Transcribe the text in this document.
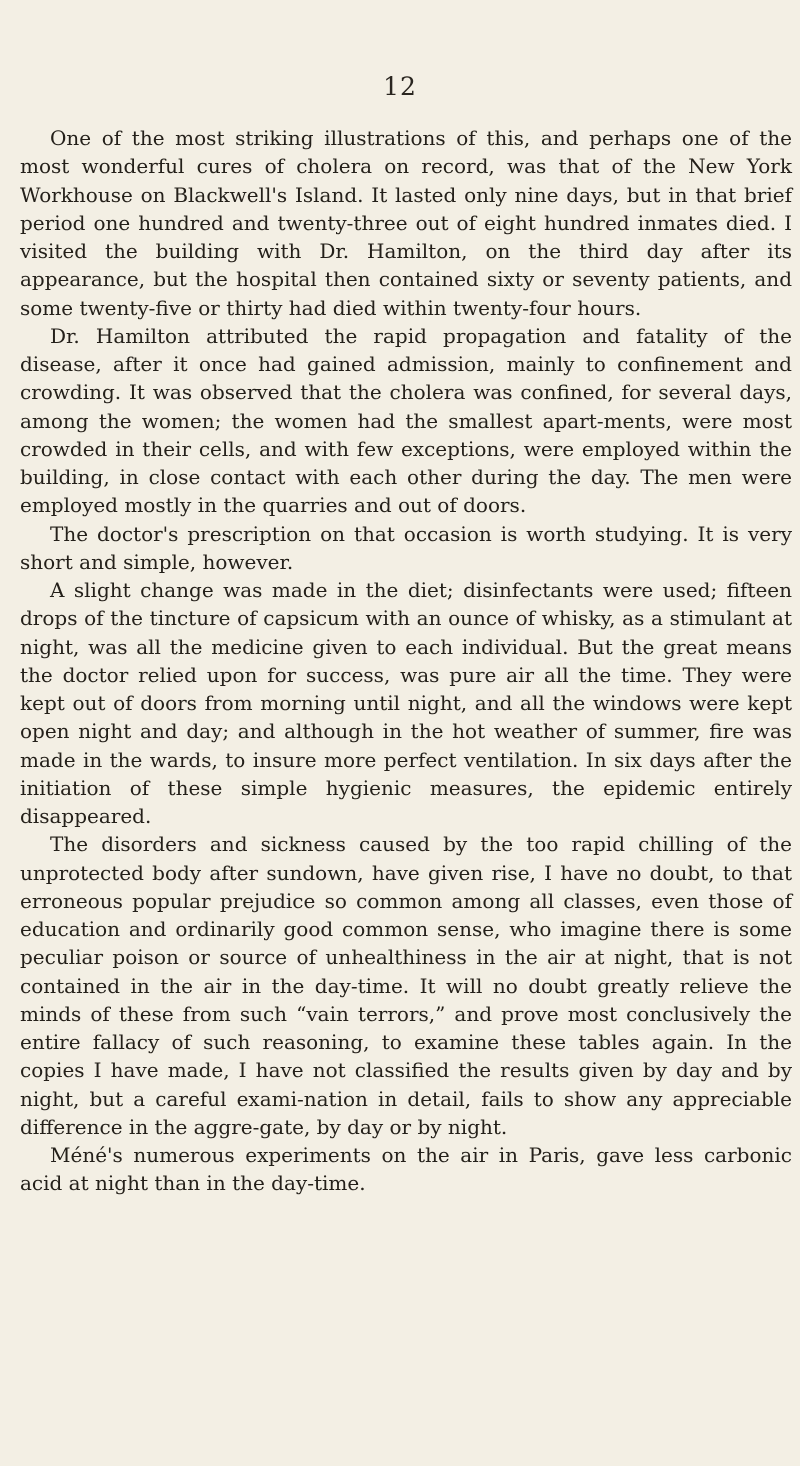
12

One of the most striking illustrations of this, and perhaps one of the most wonderful cures of cholera on record, was that of the New York Workhouse on Blackwell's Island. It lasted only nine days, but in that brief period one hundred and twenty-three out of eight hundred inmates died. I visited the building with Dr. Hamilton, on the third day after its appearance, but the hospital then contained sixty or seventy patients, and some twenty-five or thirty had died within twenty-four hours.

Dr. Hamilton attributed the rapid propagation and fatality of the disease, after it once had gained admission, mainly to confinement and crowding. It was observed that the cholera was confined, for several days, among the women; the women had the smallest apart-ments, were most crowded in their cells, and with few exceptions, were employed within the building, in close contact with each other during the day. The men were employed mostly in the quarries and out of doors.

The doctor's prescription on that occasion is worth studying. It is very short and simple, however.

A slight change was made in the diet; disinfectants were used; fifteen drops of the tincture of capsicum with an ounce of whisky, as a stimulant at night, was all the medicine given to each individual. But the great means the doctor relied upon for success, was pure air all the time. They were kept out of doors from morning until night, and all the windows were kept open night and day; and although in the hot weather of summer, fire was made in the wards, to insure more perfect ventilation. In six days after the initiation of these simple hygienic measures, the epidemic entirely disappeared.

The disorders and sickness caused by the too rapid chilling of the unprotected body after sundown, have given rise, I have no doubt, to that erroneous popular prejudice so common among all classes, even those of education and ordinarily good common sense, who imagine there is some peculiar poison or source of unhealthiness in the air at night, that is not contained in the air in the day-time. It will no doubt greatly relieve the minds of these from such “vain terrors,” and prove most conclusively the entire fallacy of such reasoning, to examine these tables again. In the copies I have made, I have not classified the results given by day and by night, but a careful exami-nation in detail, fails to show any appreciable difference in the aggre-gate, by day or by night.

Méné's numerous experiments on the air in Paris, gave less carbonic acid at night than in the day-time.
